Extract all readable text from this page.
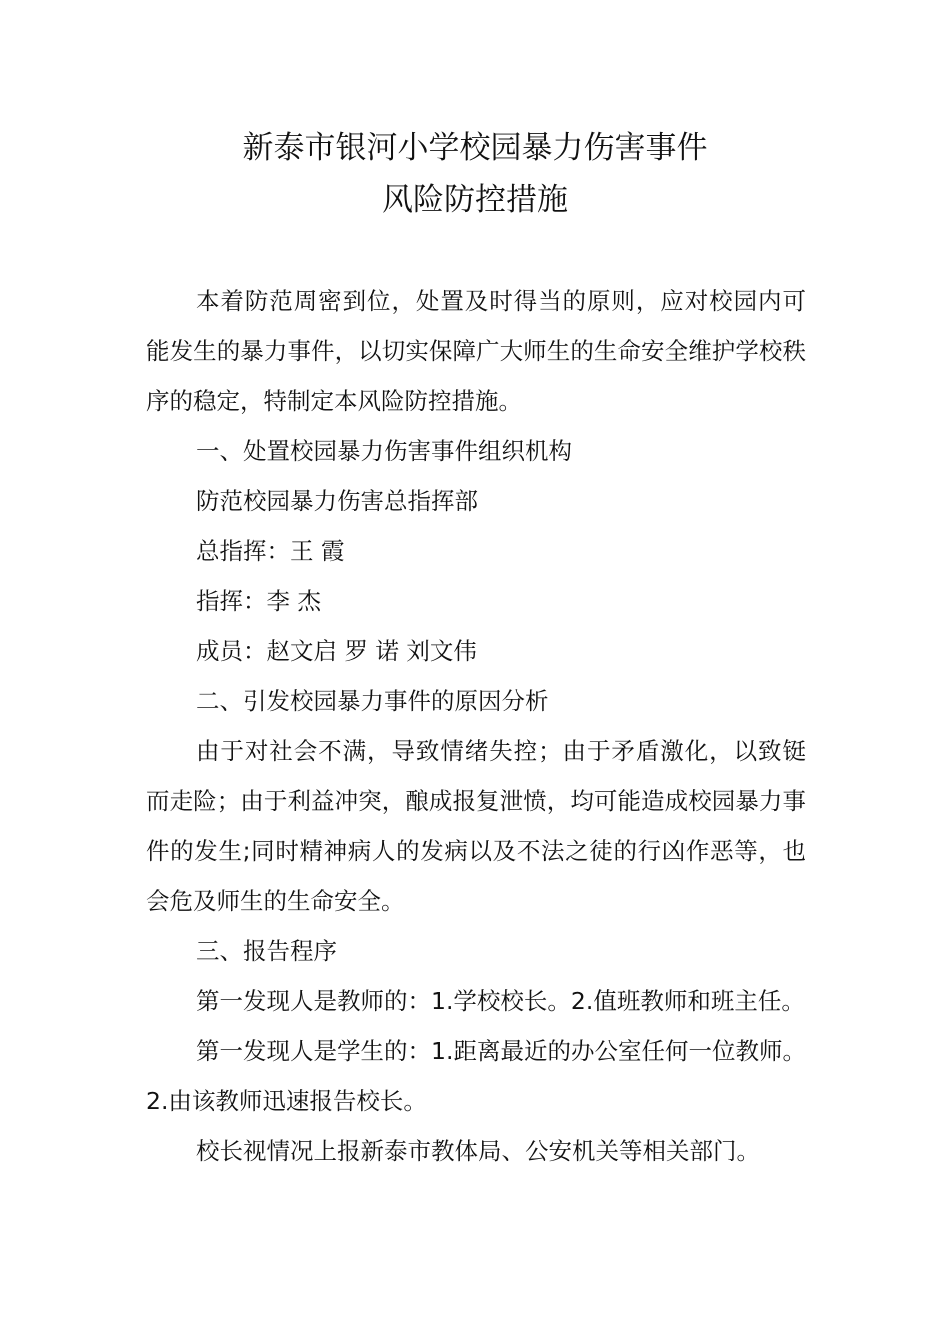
新泰市银河小学校园暴力伤害事件
风险防控措施

本着防范周密到位，处置及时得当的原则，应对校园内可能发生的暴力事件，以切实保障广大师生的生命安全维护学校秩序的稳定，特制定本风险防控措施。

一、处置校园暴力伤害事件组织机构

防范校园暴力伤害总指挥部

总指挥：王 霞

指挥：李 杰

成员：赵文启 罗 诺 刘文伟

二、引发校园暴力事件的原因分析

由于对社会不满，导致情绪失控；由于矛盾激化，以致铤而走险；由于利益冲突，酿成报复泄愤，均可能造成校园暴力事件的发生;同时精神病人的发病以及不法之徒的行凶作恶等，也会危及师生的生命安全。

三、报告程序

第一发现人是教师的：1.学校校长。2.值班教师和班主任。

第一发现人是学生的：1.距离最近的办公室任何一位教师。2.由该教师迅速报告校长。

校长视情况上报新泰市教体局、公安机关等相关部门。
